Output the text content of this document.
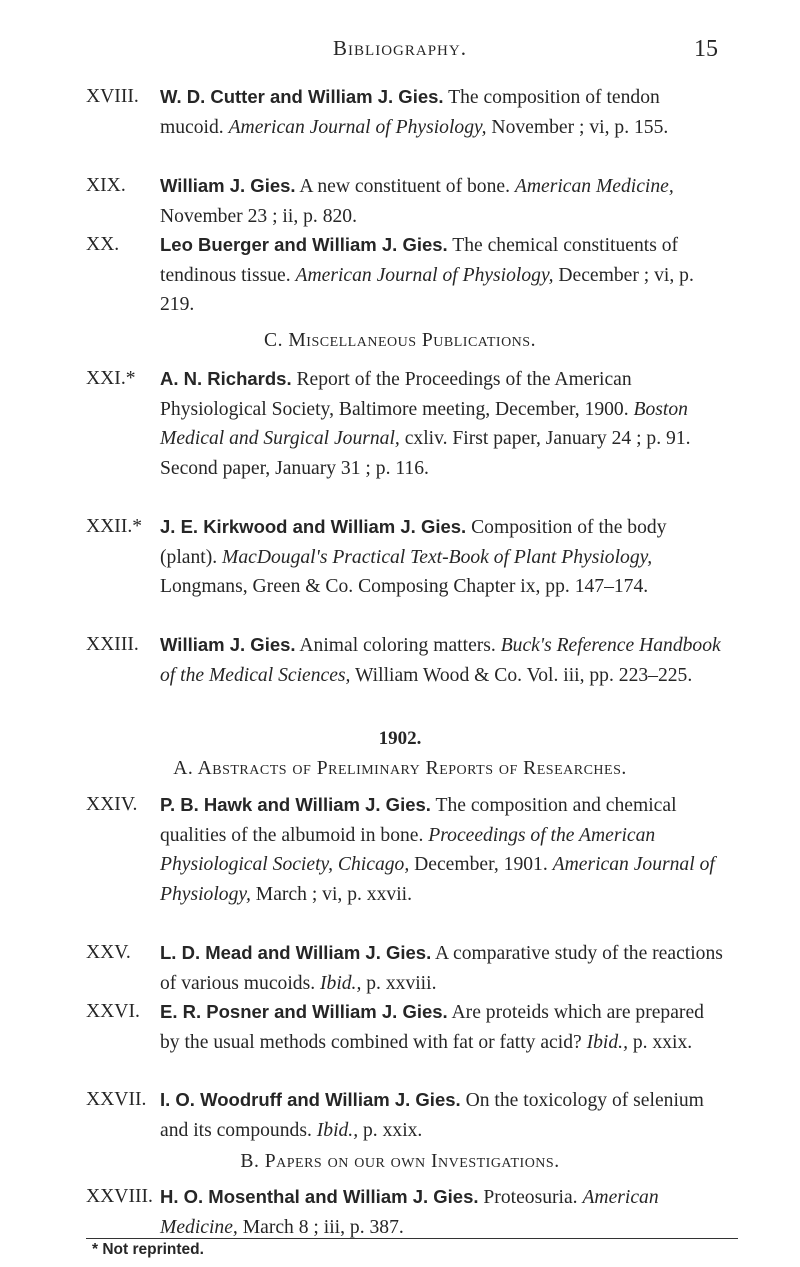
Bibliography.	15
XVIII. W. D. Cutter and William J. Gies. The composition of tendon mucoid. American Journal of Physiology, November ; vi, p. 155.
XIX. William J. Gies. A new constituent of bone. American Medicine, November 23 ; ii, p. 820.
XX. Leo Buerger and William J. Gies. The chemical constituents of tendinous tissue. American Journal of Physiology, December ; vi, p. 219.
C. Miscellaneous Publications.
XXI.* A. N. Richards. Report of the Proceedings of the American Physiological Society, Baltimore meeting, December, 1900. Boston Medical and Surgical Journal, cxliv. First paper, January 24 ; p. 91. Second paper, January 31 ; p. 116.
XXII.* J. E. Kirkwood and William J. Gies. Composition of the body (plant). MacDougal's Practical Text-Book of Plant Physiology, Longmans, Green & Co. Composing Chapter ix, pp. 147–174.
XXIII. William J. Gies. Animal coloring matters. Buck's Reference Handbook of the Medical Sciences, William Wood & Co. Vol. iii, pp. 223–225.
1902.
A. Abstracts of Preliminary Reports of Researches.
XXIV. P. B. Hawk and William J. Gies. The composition and chemical qualities of the albumoid in bone. Proceedings of the American Physiological Society, Chicago, December, 1901. American Journal of Physiology, March ; vi, p. xxvii.
XXV. L. D. Mead and William J. Gies. A comparative study of the reactions of various mucoids. Ibid., p. xxviii.
XXVI. E. R. Posner and William J. Gies. Are proteids which are prepared by the usual methods combined with fat or fatty acid? Ibid., p. xxix.
XXVII. I. O. Woodruff and William J. Gies. On the toxicology of selenium and its compounds. Ibid., p. xxix.
B. Papers on our own Investigations.
XXVIII. H. O. Mosenthal and William J. Gies. Proteosuria. American Medicine, March 8 ; iii, p. 387.
* Not reprinted.
